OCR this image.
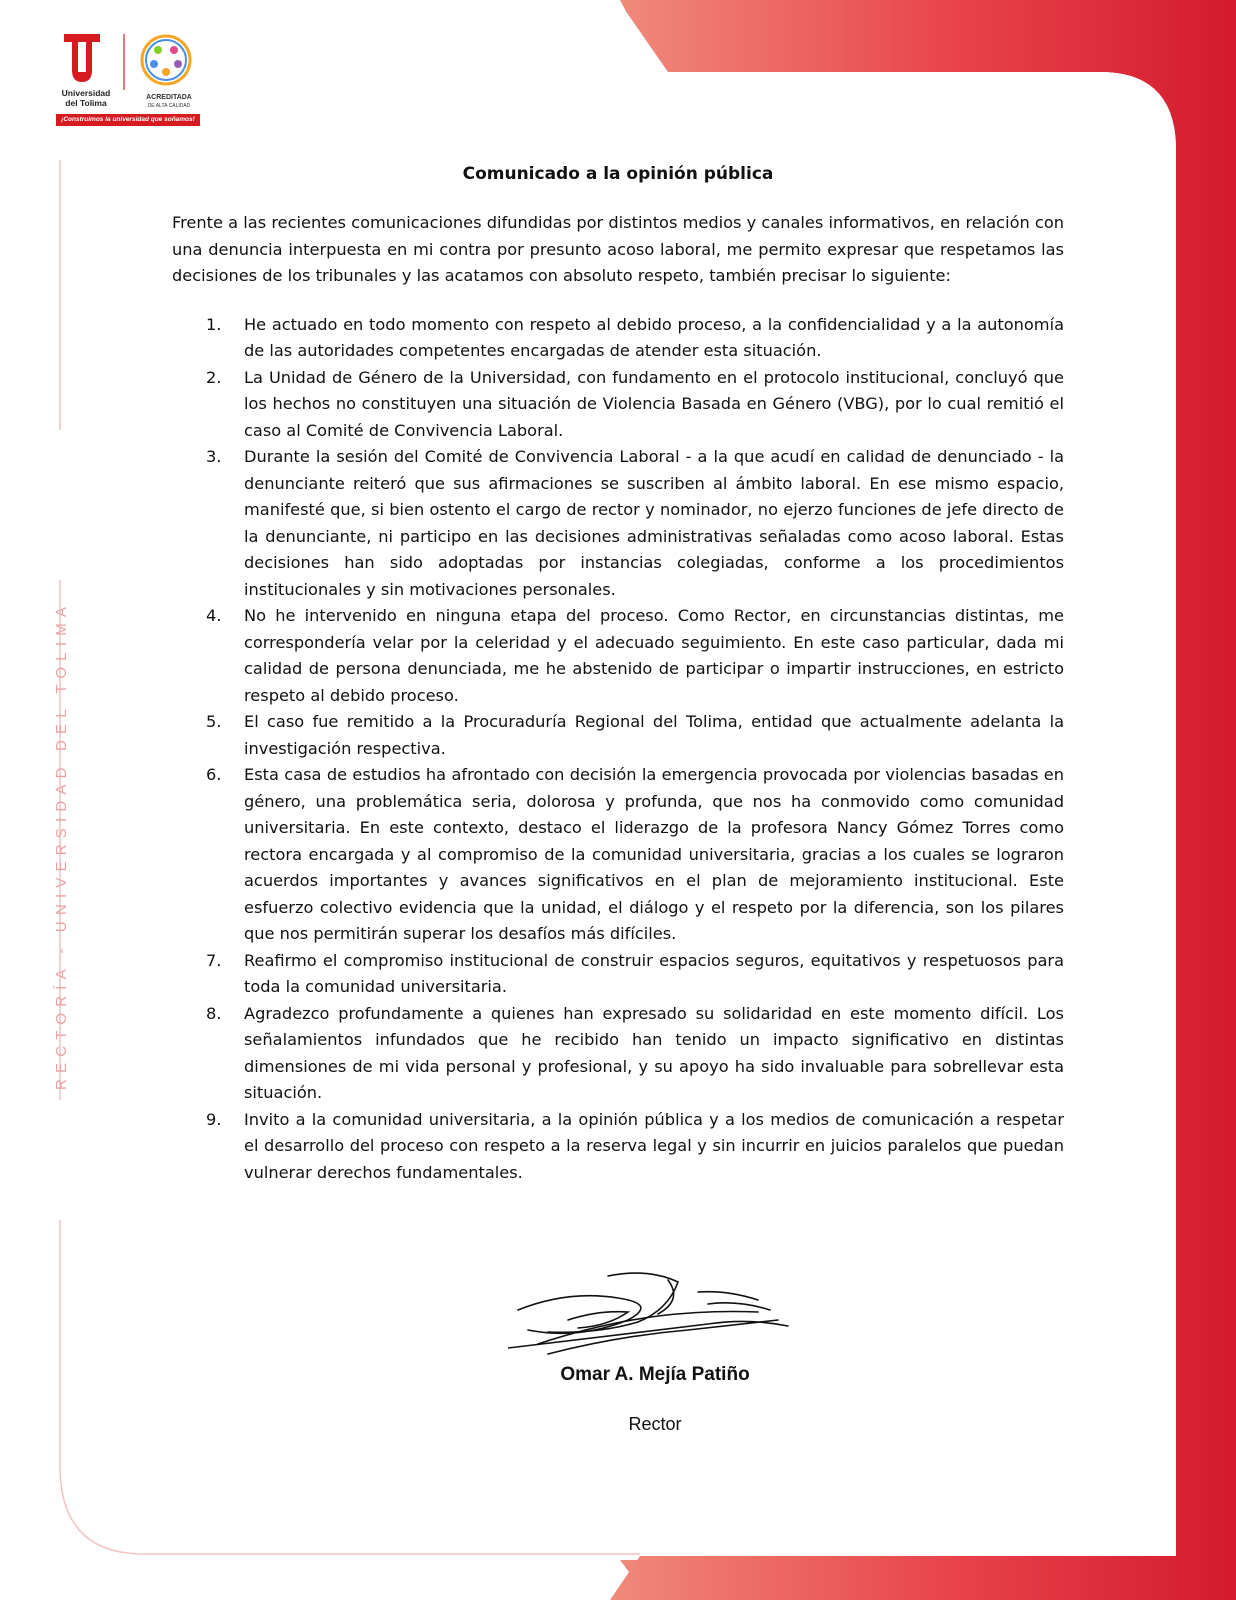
Universidad
del Tolima
ACREDITADA
DE ALTA CALIDAD
¡Construimos la universidad que soñamos!
RECTORÍA - UNIVERSIDAD DEL TOLIMA
Comunicado a la opinión pública

Frente a las recientes comunicaciones difundidas por distintos medios y canales informativos, en relación con una denuncia interpuesta en mi contra por presunto acoso laboral, me permito expresar que respetamos las decisiones de los tribunales y las acatamos con absoluto respeto, también precisar lo siguiente:

1. He actuado en todo momento con respeto al debido proceso, a la confidencialidad y a la autonomía de las autoridades competentes encargadas de atender esta situación.
2. La Unidad de Género de la Universidad, con fundamento en el protocolo institucional, concluyó que los hechos no constituyen una situación de Violencia Basada en Género (VBG), por lo cual remitió el caso al Comité de Convivencia Laboral.
3. Durante la sesión del Comité de Convivencia Laboral - a la que acudí en calidad de denunciado - la denunciante reiteró que sus afirmaciones se suscriben al ámbito laboral. En ese mismo espacio, manifesté que, si bien ostento el cargo de rector y nominador, no ejerzo funciones de jefe directo de la denunciante, ni participo en las decisiones administrativas señaladas como acoso laboral. Estas decisiones han sido adoptadas por instancias colegiadas, conforme a los procedimientos institucionales y sin motivaciones personales.
4. No he intervenido en ninguna etapa del proceso. Como Rector, en circunstancias distintas, me correspondería velar por la celeridad y el adecuado seguimiento. En este caso particular, dada mi calidad de persona denunciada, me he abstenido de participar o impartir instrucciones, en estricto respeto al debido proceso.
5. El caso fue remitido a la Procuraduría Regional del Tolima, entidad que actualmente adelanta la investigación respectiva.
6. Esta casa de estudios ha afrontado con decisión la emergencia provocada por violencias basadas en género, una problemática seria, dolorosa y profunda, que nos ha conmovido como comunidad universitaria. En este contexto, destaco el liderazgo de la profesora Nancy Gómez Torres como rectora encargada y al compromiso de la comunidad universitaria, gracias a los cuales se lograron acuerdos importantes y avances significativos en el plan de mejoramiento institucional. Este esfuerzo colectivo evidencia que la unidad, el diálogo y el respeto por la diferencia, son los pilares que nos permitirán superar los desafíos más difíciles.
7. Reafirmo el compromiso institucional de construir espacios seguros, equitativos y respetuosos para toda la comunidad universitaria.
8. Agradezco profundamente a quienes han expresado su solidaridad en este momento difícil. Los señalamientos infundados que he recibido han tenido un impacto significativo en distintas dimensiones de mi vida personal y profesional, y su apoyo ha sido invaluable para sobrellevar esta situación.
9. Invito a la comunidad universitaria, a la opinión pública y a los medios de comunicación a respetar el desarrollo del proceso con respeto a la reserva legal y sin incurrir en juicios paralelos que puedan vulnerar derechos fundamentales.
Omar A. Mejía Patiño
Rector
